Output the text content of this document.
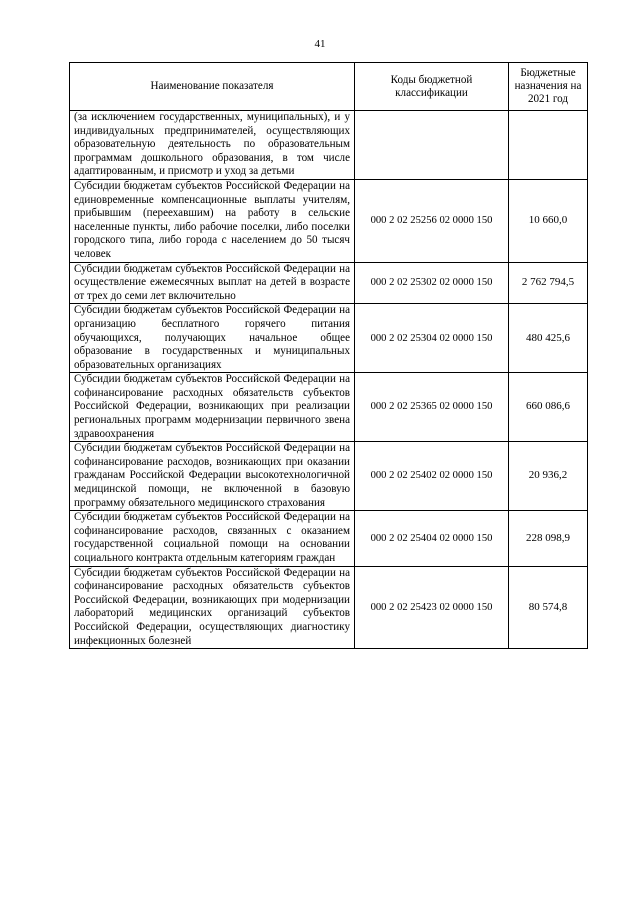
41
Наименование показателя	Коды бюджетной классификации	Бюджетные назначения на 2021 год
(за исключением государственных, муниципальных), и у индивидуальных предпринимателей, осуществляющих образовательную деятельность по образовательным программам дошкольного образования, в том числе адаптированным, и присмотр и уход за детьми		
Субсидии бюджетам субъектов Российской Федерации на единовременные компенсационные выплаты учителям, прибывшим (переехавшим) на работу в сельские населенные пункты, либо рабочие поселки, либо поселки городского типа, либо города с населением до 50 тысяч человек	000 2 02 25256 02 0000 150	10 660,0
Субсидии бюджетам субъектов Российской Федерации на осуществление ежемесячных выплат на детей в возрасте от трех до семи лет включительно	000 2 02 25302 02 0000 150	2 762 794,5
Субсидии бюджетам субъектов Российской Федерации на организацию бесплатного горячего питания обучающихся, получающих начальное общее образование в государственных и муниципальных образовательных организациях	000 2 02 25304 02 0000 150	480 425,6
Субсидии бюджетам субъектов Российской Федерации на софинансирование расходных обязательств субъектов Российской Федерации, возникающих при реализации региональных программ модернизации первичного звена здравоохранения	000 2 02 25365 02 0000 150	660 086,6
Субсидии бюджетам субъектов Российской Федерации на софинансирование расходов, возникающих при оказании гражданам Российской Федерации высокотехнологичной медицинской помощи, не включенной в базовую программу обязательного медицинского страхования	000 2 02 25402 02 0000 150	20 936,2
Субсидии бюджетам субъектов Российской Федерации на софинансирование расходов, связанных с оказанием государственной социальной помощи на основании социального контракта отдельным категориям граждан	000 2 02 25404 02 0000 150	228 098,9
Субсидии бюджетам субъектов Российской Федерации на софинансирование расходных обязательств субъектов Российской Федерации, возникающих при модернизации лабораторий медицинских организаций субъектов Российской Федерации, осуществляющих диагностику инфекционных болезней	000 2 02 25423 02 0000 150	80 574,8
